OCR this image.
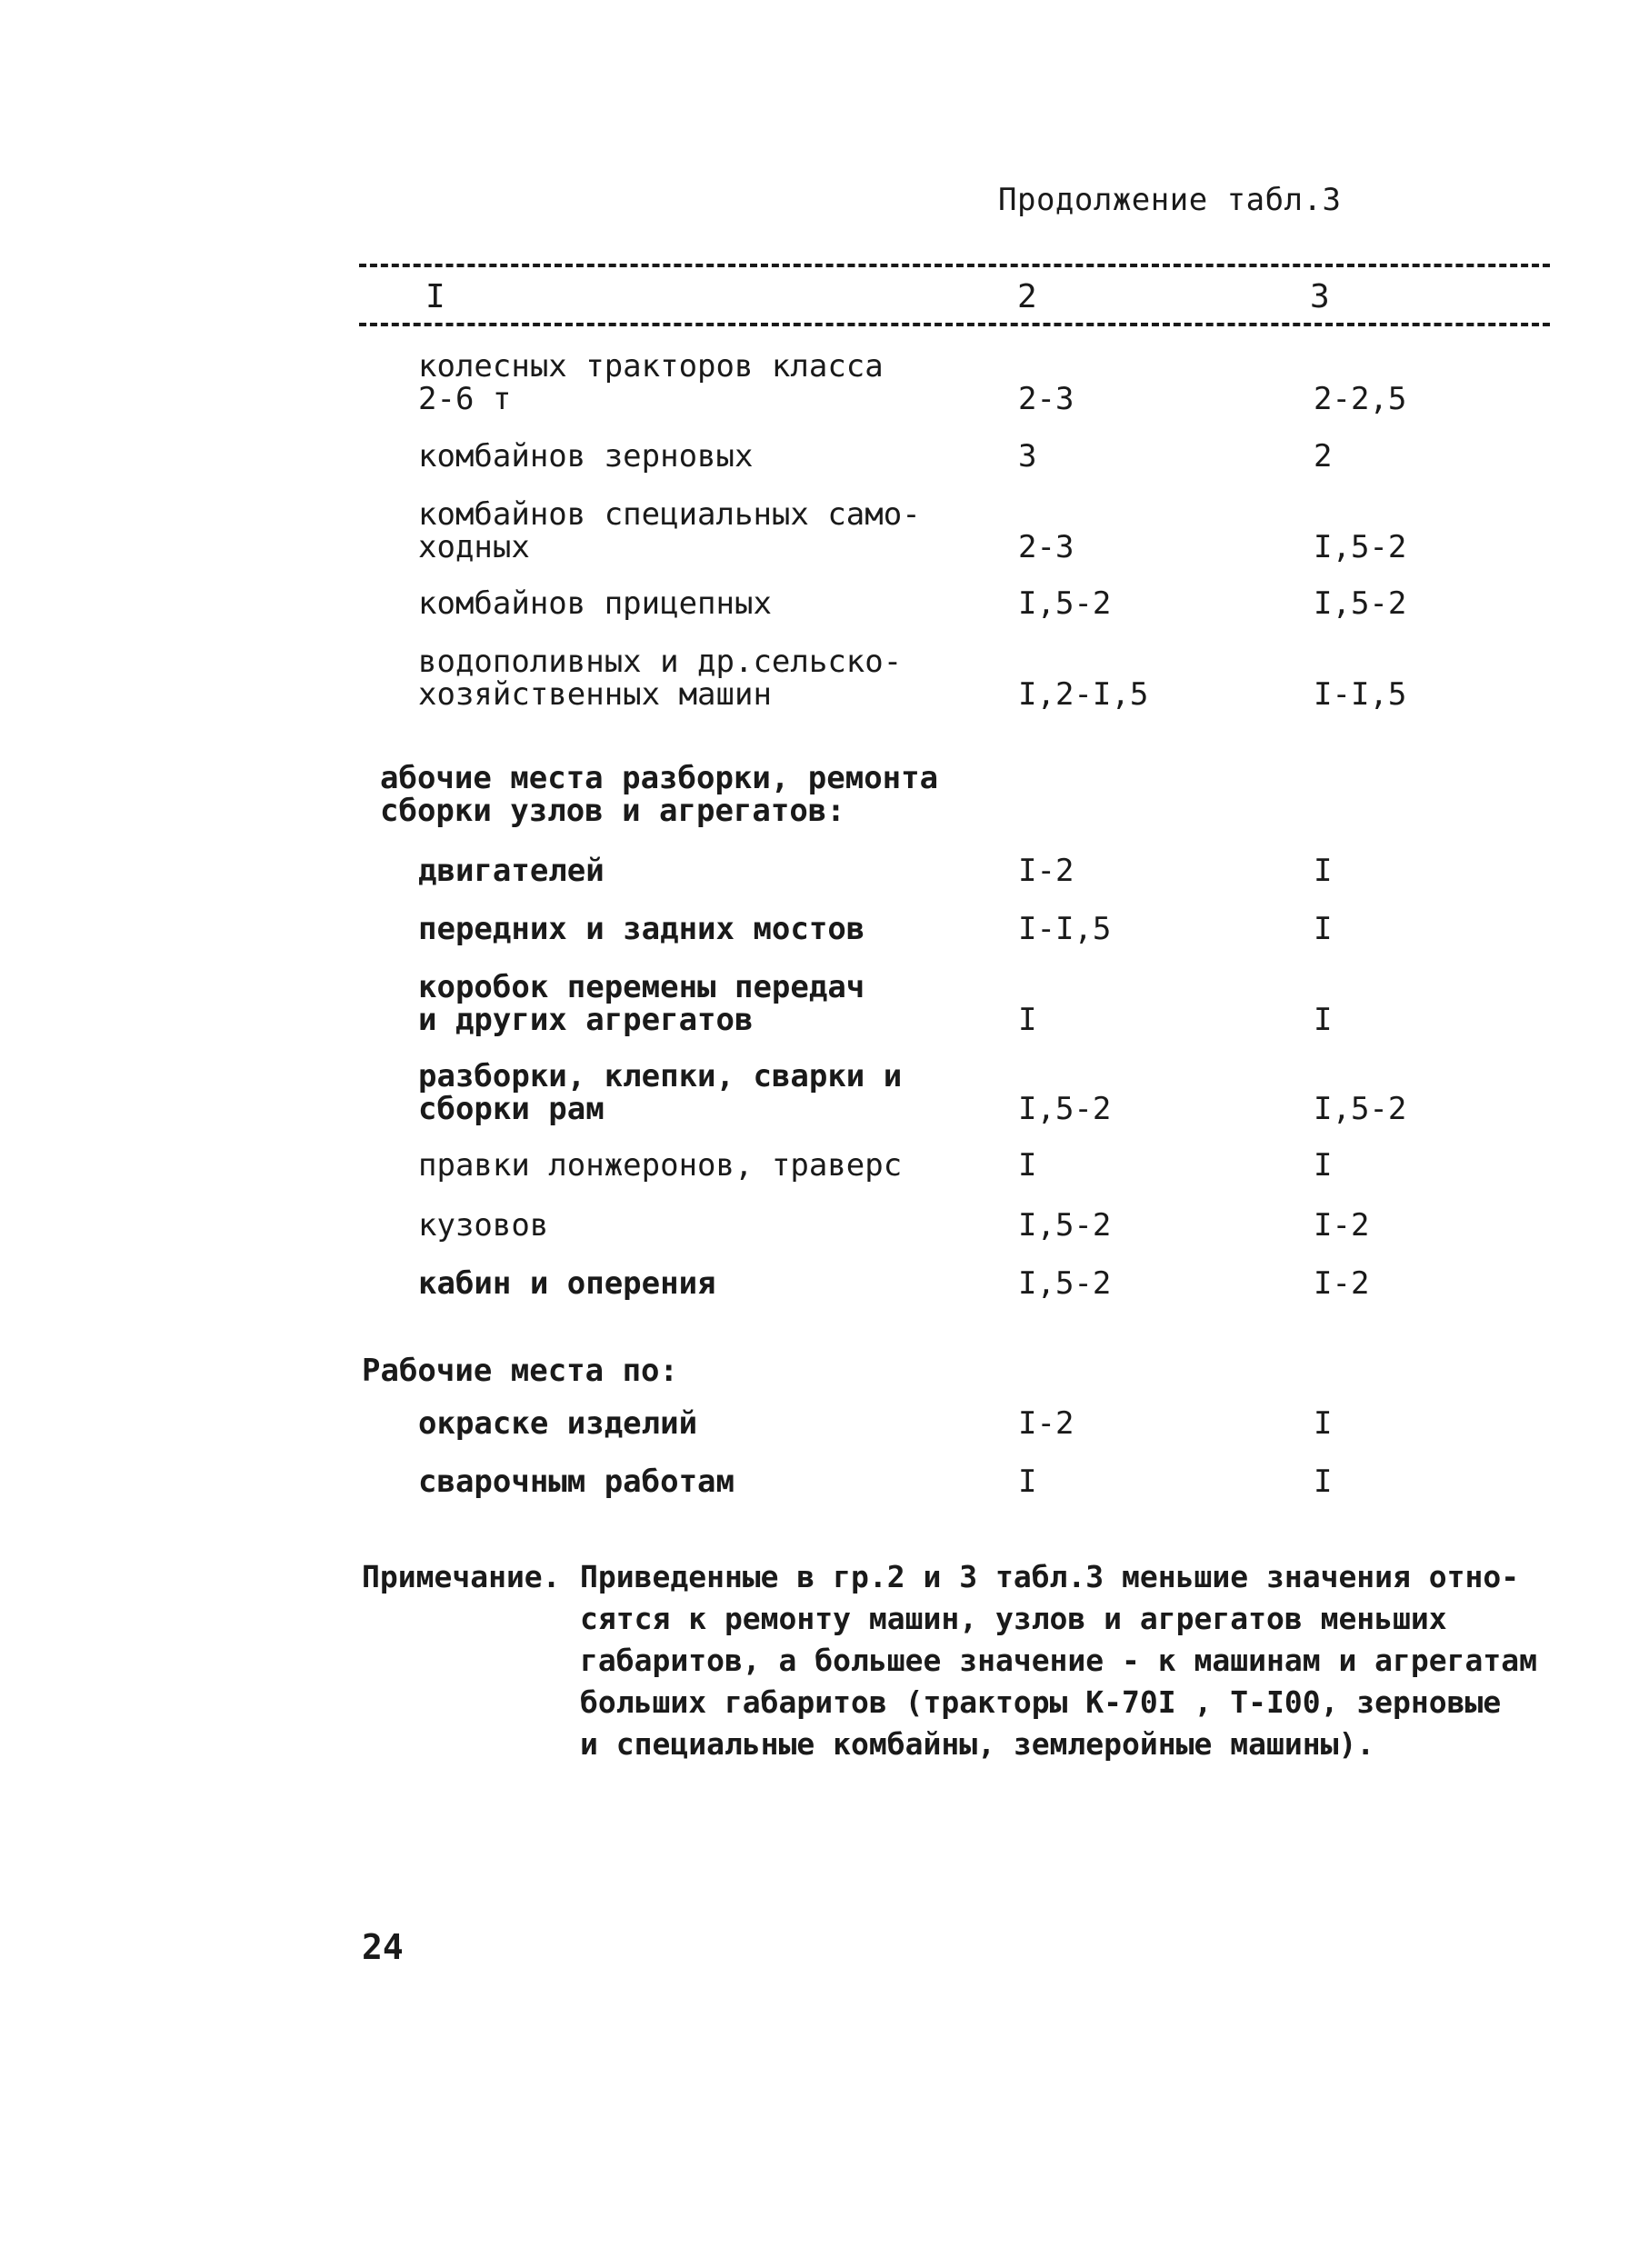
Продолжение табл.3
I	2	3
колесных тракторов класса
2-6 т	2-3	2-2,5
комбайнов зерновых	3	2
комбайнов специальных само-
ходных	2-3	I,5-2
комбайнов прицепных	I,5-2	I,5-2
водополивных и др.сельско-
хозяйственных машин	I,2-I,5	I-I,5
абочие места разборки, ремонта
сборки узлов и агрегатов:
двигателей	I-2	I
передних и задних мостов	I-I,5	I
коробок перемены передач
и других агрегатов	I	I
разборки, клепки, сварки и
сборки рам	I,5-2	I,5-2
правки лонжеронов, траверс	I	I
кузовов	I,5-2	I-2
кабин и оперения	I,5-2	I-2
Рабочие места по:
окраске изделий	I-2	I
сварочным работам	I	I
Примечание. Приведенные в гр.2 и 3 табл.3 меньшие значения отно-
сятся к ремонту машин, узлов и агрегатов меньших
габаритов, а большее значение - к машинам и агрегатам
больших габаритов (тракторы К-70I , Т-I00, зерновые
и специальные комбайны, землеройные машины).
24
